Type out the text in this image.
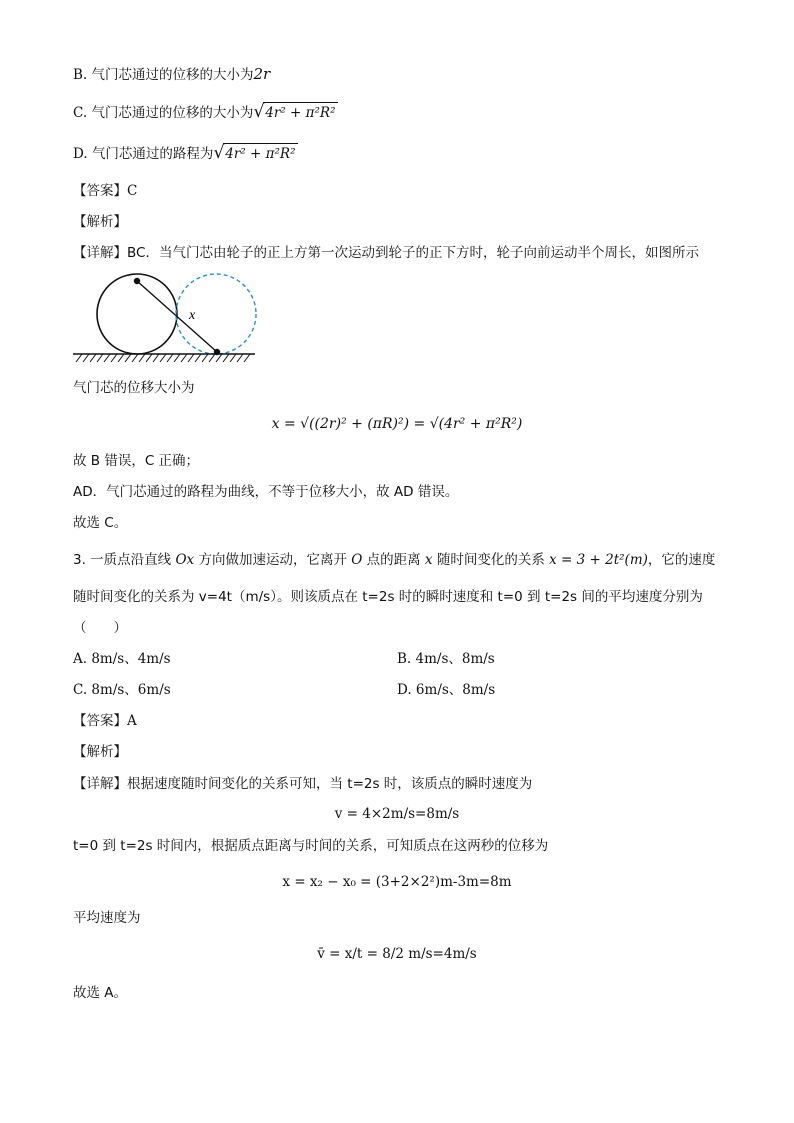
B. 气门芯通过的位移的大小为2r
C. 气门芯通过的位移的大小为√4r² + π²R²
D. 气门芯通过的路程为√4r² + π²R²
【答案】C
【解析】
【详解】BC．当气门芯由轮子的正上方第一次运动到轮子的正下方时，轮子向前运动半个周长，如图所示
x
气门芯的位移大小为
x = √((2r)² + (πR)²) = √(4r² + π²R²)
故 B 错误，C 正确；
AD．气门芯通过的路程为曲线，不等于位移大小，故 AD 错误。
故选 C。
3. 一质点沿直线 Ox 方向做加速运动，它离开 O 点的距离 x 随时间变化的关系 x = 3 + 2t²(m)，它的速度
随时间变化的关系为 v=4t（m/s）。则该质点在 t=2s 时的瞬时速度和 t=0 到 t=2s 间的平均速度分别为
（　　）
A. 8m/s、4m/s	B. 4m/s、8m/s
C. 8m/s、6m/s	D. 6m/s、8m/s
【答案】A
【解析】
【详解】根据速度随时间变化的关系可知，当 t=2s 时，该质点的瞬时速度为
v = 4×2m/s=8m/s
t=0 到 t=2s 时间内，根据质点距离与时间的关系，可知质点在这两秒的位移为
x = x₂ − x₀ = (3+2×2²)m-3m=8m
平均速度为
v̄ = x/t = 8/2 m/s=4m/s
故选 A。
